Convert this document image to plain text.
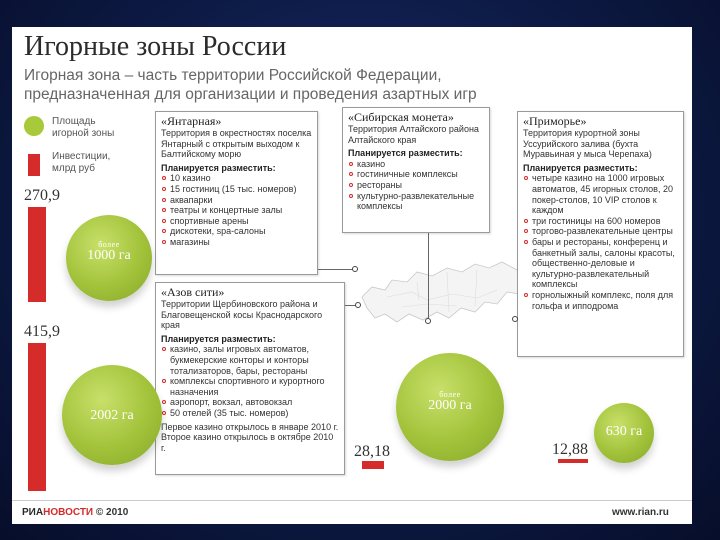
Игорные зоны России
Игорная зона – часть территории Российской Федерации,
предназначенная для организации и проведения азартных игр
Площадь игорной зоны
Инвестиции, млрд руб
«Янтарная»
Территория в окрестностях поселка Янтарный с открытым выходом к Балтийскому морю
Планируется разместить:
10 казино
15 гостиниц (15 тыс. номеров)
аквапарки
театры и концертные залы
спортивные арены
дискотеки, spa-салоны
магазины
«Азов сити»
Территории Щербиновского района и Благовещенской косы Краснодарского края
Планируется разместить:
казино, залы игровых автоматов, букмекерские конторы и конторы тотализаторов, бары, рестораны
комплексы спортивного и курортного назначения
аэропорт, вокзал, автовокзал
50 отелей (35 тыс. номеров)
Первое казино открылось в январе 2010 г.
Второе казино открылось в октябре 2010 г.
«Сибирская монета»
Территория Алтайского района Алтайского края
Планируется разместить:
казино
гостиничные комплексы
рестораны
культурно-развлекательные комплексы
«Приморье»
Территория курортной зоны Уссурийского залива (бухта Муравьиная у мыса Черепаха)
Планируется разместить:
четыре казино на 1000 игровых автоматов, 45 игорных столов, 20 покер-столов, 10 VIP столов к каждом
три гостиницы на 600 номеров
торгово-развлекательные центры
бары и рестораны, конференц и банкетный залы, салоны красоты, общественно-деловые и культурно-развлекательный комплексы
горнолыжный комплекс, поля для гольфа и ипподрома
270,9
более
1000 га
415,9
2002 га
28,18
более
2000 га
12,88
630 га
РИАНОВОСТИ © 2010	www.rian.ru
